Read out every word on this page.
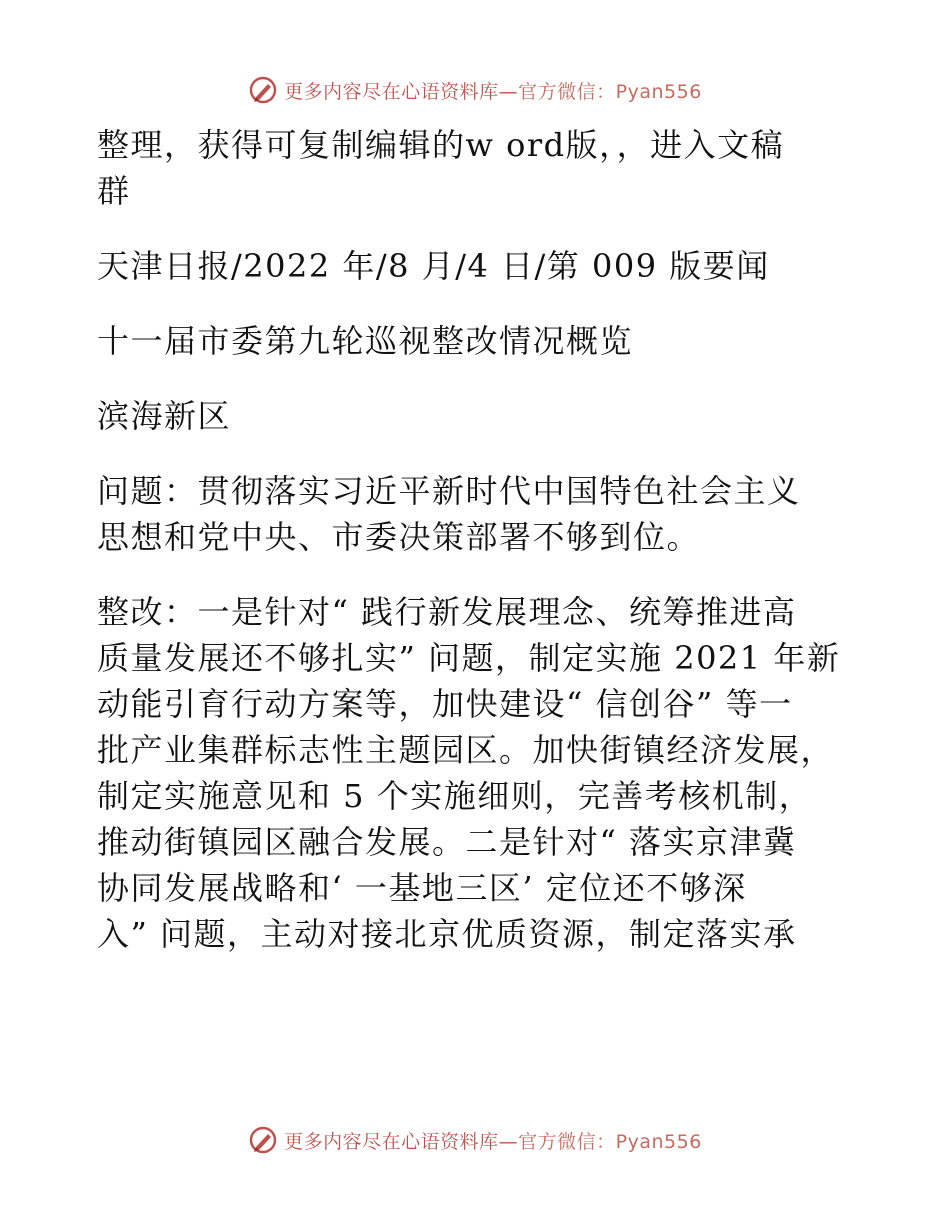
更多内容尽在心语资料库—官方微信：Pyan556
整理，获得可复制编辑的w ord版，，进入文稿
群
天津日报/2022 年/8 月/4 日/第 009 版要闻
十一届市委第九轮巡视整改情况概览
滨海新区
问题：贯彻落实习近平新时代中国特色社会主义
思想和党中央、市委决策部署不够到位。
整改：一是针对“ 践行新发展理念、统筹推进高
质量发展还不够扎实” 问题，制定实施 2021 年新
动能引育行动方案等，加快建设“ 信创谷” 等一
批产业集群标志性主题园区。加快街镇经济发展，
制定实施意见和 5 个实施细则，完善考核机制，
推动街镇园区融合发展。二是针对“ 落实京津冀
协同发展战略和‘ 一基地三区’ 定位还不够深
入” 问题，主动对接北京优质资源，制定落实承
更多内容尽在心语资料库—官方微信：Pyan556
